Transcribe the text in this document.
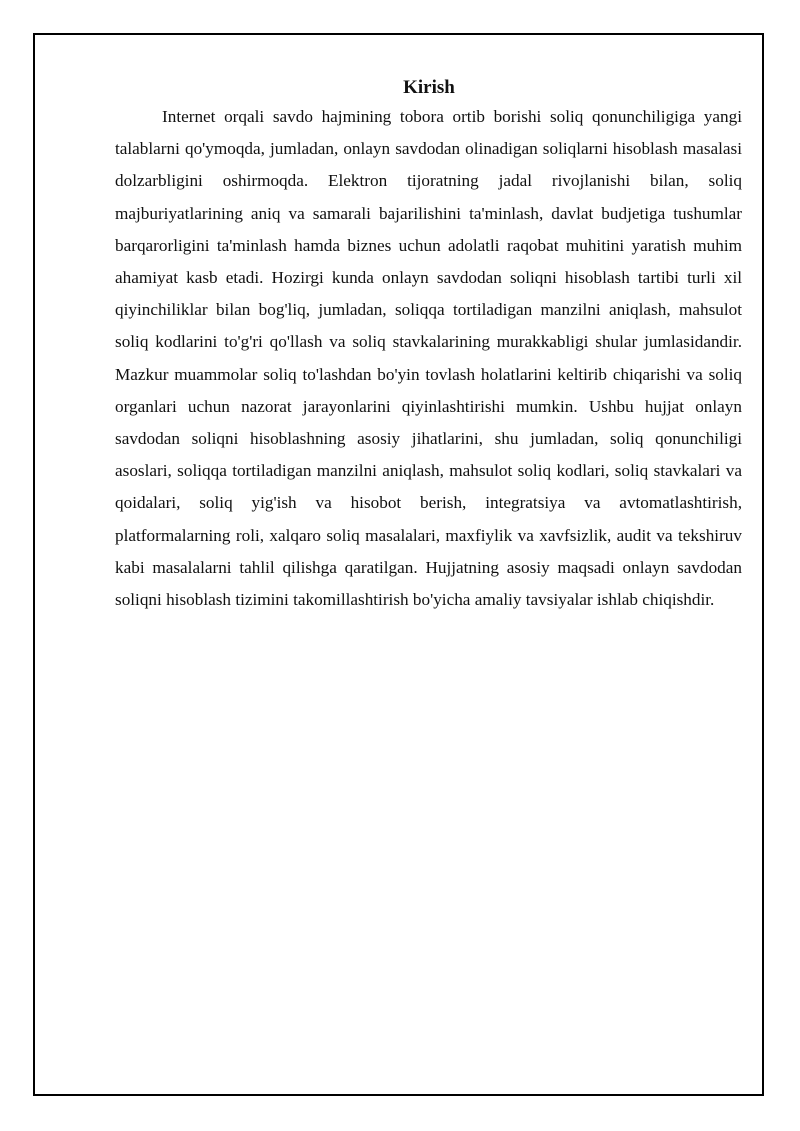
Kirish

Internet orqali savdo hajmining tobora ortib borishi soliq qonunchiligiga yangi talablarni qo'ymoqda, jumladan, onlayn savdodan olinadigan soliqlarni hisoblash masalasi dolzarbligini oshirmoqda. Elektron tijoratning jadal rivojlanishi bilan, soliq majburiyatlarining aniq va samarali bajarilishini ta'minlash, davlat budjetiga tushumlar barqarorligini ta'minlash hamda biznes uchun adolatli raqobat muhitini yaratish muhim ahamiyat kasb etadi. Hozirgi kunda onlayn savdodan soliqni hisoblash tartibi turli xil qiyinchiliklar bilan bog'liq, jumladan, soliqqa tortiladigan manzilni aniqlash, mahsulot soliq kodlarini to'g'ri qo'llash va soliq stavkalarining murakkabligi shular jumlasidandir. Mazkur muammolar soliq to'lashdan bo'yin tovlash holatlarini keltirib chiqarishi va soliq organlari uchun nazorat jarayonlarini qiyinlashtirishi mumkin. Ushbu hujjat onlayn savdodan soliqni hisoblashning asosiy jihatlarini, shu jumladan, soliq qonunchiligi asoslari, soliqqa tortiladigan manzilni aniqlash, mahsulot soliq kodlari, soliq stavkalari va qoidalari, soliq yig'ish va hisobot berish, integratsiya va avtomatlashtirish, platformalarning roli, xalqaro soliq masalalari, maxfiylik va xavfsizlik, audit va tekshiruv kabi masalalarni tahlil qilishga qaratilgan. Hujjatning asosiy maqsadi onlayn savdodan soliqni hisoblash tizimini takomillashtirish bo'yicha amaliy tavsiyalar ishlab chiqishdir.
